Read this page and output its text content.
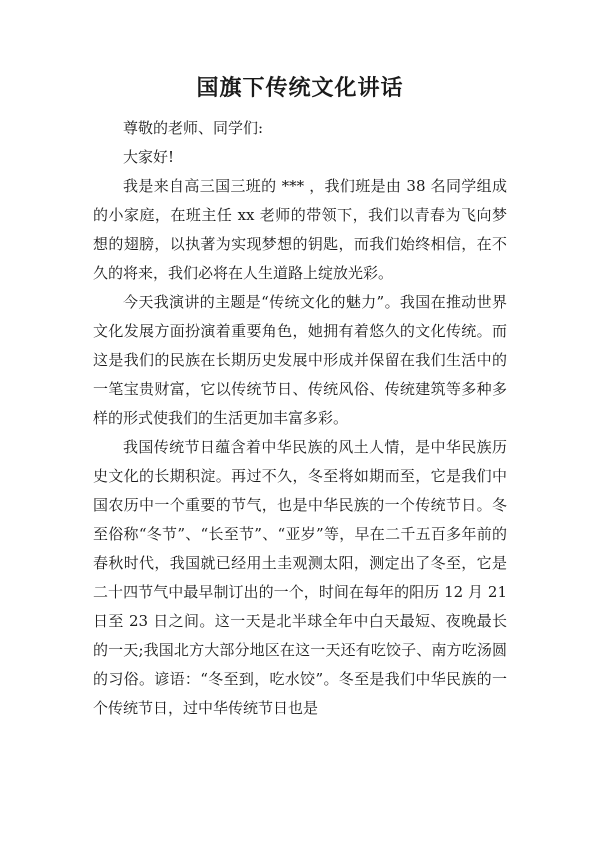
国旗下传统文化讲话

尊敬的老师、同学们:

大家好!

我是来自高三国三班的 *** ，我们班是由 38 名同学组成的小家庭，在班主任 xx 老师的带领下，我们以青春为飞向梦想的翅膀，以执著为实现梦想的钥匙，而我们始终相信，在不久的将来，我们必将在人生道路上绽放光彩。

今天我演讲的主题是“传统文化的魅力”。我国在推动世界文化发展方面扮演着重要角色，她拥有着悠久的文化传统。而这是我们的民族在长期历史发展中形成并保留在我们生活中的一笔宝贵财富，它以传统节日、传统风俗、传统建筑等多种多样的形式使我们的生活更加丰富多彩。

我国传统节日蕴含着中华民族的风土人情，是中华民族历史文化的长期积淀。再过不久，冬至将如期而至，它是我们中国农历中一个重要的节气，也是中华民族的一个传统节日。冬至俗称“冬节”、“长至节”、“亚岁”等，早在二千五百多年前的春秋时代，我国就已经用土圭观测太阳，测定出了冬至，它是二十四节气中最早制订出的一个，时间在每年的阳历 12 月 21 日至 23 日之间。这一天是北半球全年中白天最短、夜晚最长的一天;我国北方大部分地区在这一天还有吃饺子、南方吃汤圆的习俗。谚语：“冬至到，吃水饺”。冬至是我们中华民族的一个传统节日，过中华传统节日也是
